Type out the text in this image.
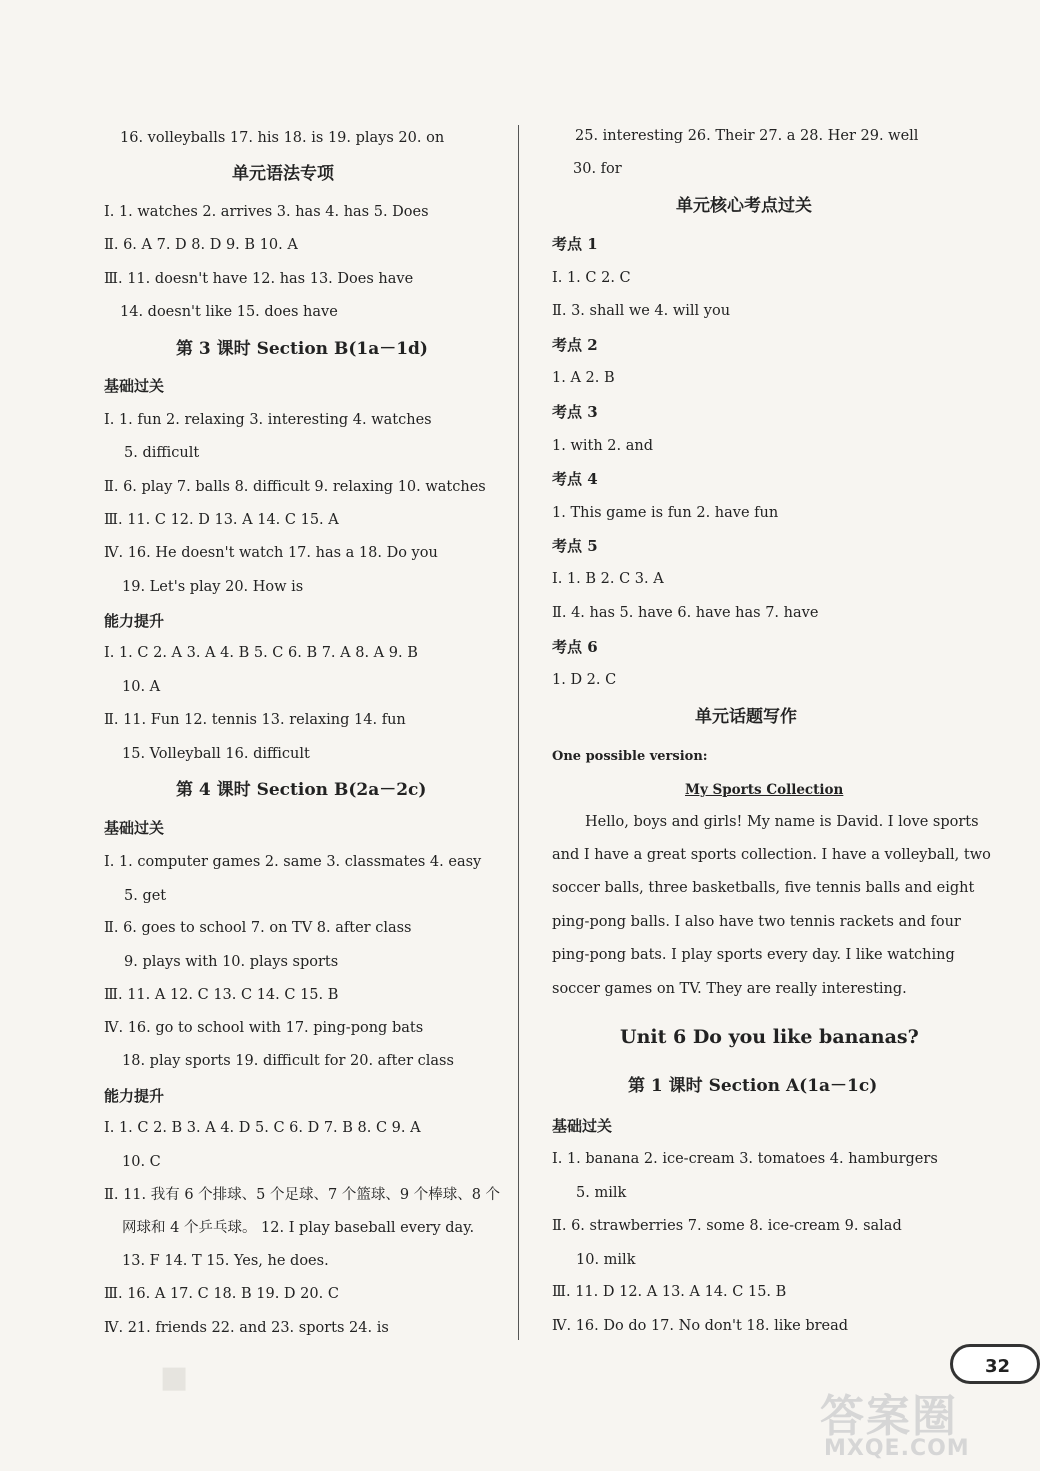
16. volleyballs 17. his 18. is 19. plays 20. on
单元语法专项
Ⅰ. 1. watches 2. arrives 3. has 4. has 5. Does
Ⅱ. 6. A 7. D 8. D 9. B 10. A
Ⅲ. 11. doesn't have 12. has 13. Does have
14. doesn't like 15. does have
第 3 课时 Section B(1a－1d)
基础过关
Ⅰ. 1. fun 2. relaxing 3. interesting 4. watches
5. difficult
Ⅱ. 6. play 7. balls 8. difficult 9. relaxing 10. watches
Ⅲ. 11. C 12. D 13. A 14. C 15. A
Ⅳ. 16. He doesn't watch 17. has a 18. Do you
19. Let's play 20. How is
能力提升
Ⅰ. 1. C 2. A 3. A 4. B 5. C 6. B 7. A 8. A 9. B
10. A
Ⅱ. 11. Fun 12. tennis 13. relaxing 14. fun
15. Volleyball 16. difficult
第 4 课时 Section B(2a－2c)
基础过关
Ⅰ. 1. computer games 2. same 3. classmates 4. easy
5. get
Ⅱ. 6. goes to school 7. on TV 8. after class
9. plays with 10. plays sports
Ⅲ. 11. A 12. C 13. C 14. C 15. B
Ⅳ. 16. go to school with 17. ping-pong bats
18. play sports 19. difficult for 20. after class
能力提升
Ⅰ. 1. C 2. B 3. A 4. D 5. C 6. D 7. B 8. C 9. A
10. C
Ⅱ. 11. 我有 6 个排球、5 个足球、7 个篮球、9 个棒球、8 个
网球和 4 个乒乓球。 12. I play baseball every day.
13. F 14. T 15. Yes, he does.
Ⅲ. 16. A 17. C 18. B 19. D 20. C
Ⅳ. 21. friends 22. and 23. sports 24. is
25. interesting 26. Their 27. a 28. Her 29. well
30. for
单元核心考点过关
考点 1
Ⅰ. 1. C 2. C
Ⅱ. 3. shall we 4. will you
考点 2
1. A 2. B
考点 3
1. with 2. and
考点 4
1. This game is fun 2. have fun
考点 5
Ⅰ. 1. B 2. C 3. A
Ⅱ. 4. has 5. have 6. have has 7. have
考点 6
1. D 2. C
单元话题写作
One possible version:
My Sports Collection
Hello, boys and girls! My name is David. I love sports
and I have a great sports collection. I have a volleyball, two
soccer balls, three basketballs, five tennis balls and eight
ping-pong balls. I also have two tennis rackets and four
ping-pong bats. I play sports every day. I like watching
soccer games on TV. They are really interesting.
Unit 6 Do you like bananas?
第 1 课时 Section A(1a－1c)
基础过关
Ⅰ. 1. banana 2. ice-cream 3. tomatoes 4. hamburgers
5. milk
Ⅱ. 6. strawberries 7. some 8. ice-cream 9. salad
10. milk
Ⅲ. 11. D 12. A 13. A 14. C 15. B
Ⅳ. 16. Do do 17. No don't 18. like bread
■	32
答案圈
MXQE.COM
